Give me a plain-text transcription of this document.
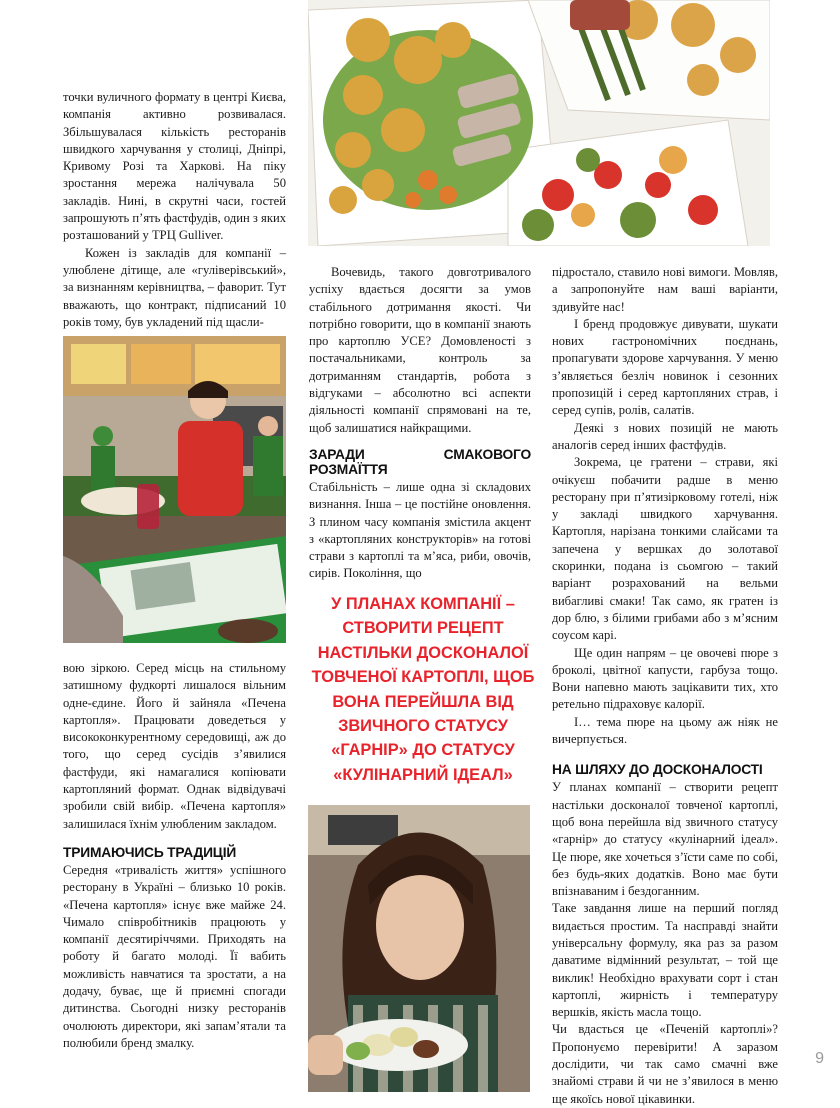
точки вуличного формату в центрі Києва, компанія активно розвивалася. Збільшувалася кількість ресторанів швидкого харчування у столиці, Дніпрі, Кривому Розі та Харкові. На піку зростання мережа налічувала 50 закладів. Нині, в скрутні часи, гостей запрошують п’ять фастфудів, один з яких розташований у ТРЦ Gulliver.

Кожен із закладів для компанії – улюблене дітище, але «гуліверівський», за визнанням керівництва, – фаворит. Тут вважають, що контракт, підписаний 10 років тому, був укладений під щасли-

вою зіркою. Серед місць на стильному затишному фудкорті лишалося вільним одне-єдине. Його й зайняла «Печена картопля». Працювати доведеться у висококонкурентному середовищі, аж до того, що серед сусідів з’явилися фастфуди, які намагалися копіювати картопляний формат. Однак відвідувачі зробили свій вибір. «Печена картопля» залишилася їхнім улюбленим закладом.

ТРИМАЮЧИСЬ ТРАДИЦІЙ

Середня «тривалість життя» успішного ресторану в Україні – близько 10 років. «Печена картопля» існує вже майже 24. Чимало співробітників працюють у компанії десятиріччями. Приходять на роботу й багато молоді. Її вабить можливість навчатися та зростати, а на додачу, буває, ще й приємні спогади дитинства. Сьогодні низку ресторанів очолюють директори, які запам’ятали та полюбили бренд змалку.

Вочевидь, такого довготривалого успіху вдається досягти за умов стабільного дотримання якості. Чи потрібно говорити, що в компанії знають про картоплю УСЕ? Домовленості з постачальниками, контроль за дотриманням стандартів, робота з відгуками – абсолютно всі аспекти діяльності компанії спрямовані на те, щоб залишатися найкращими.

ЗАРАДИ СМАКОВОГО РОЗМАЇТТЯ

Стабільність – лише одна зі складових визнання. Інша – це постійне оновлення. З плином часу компанія змістила акцент з «картопляних конструкторів» на готові страви з картоплі та м’яса, риби, овочів, сирів. Покоління, що

У ПЛАНАХ КОМПАНІЇ – СТВОРИТИ РЕЦЕПТ НАСТІЛЬКИ ДОСКОНАЛОЇ ТОВЧЕНОЇ КАРТОПЛІ, ЩОБ ВОНА ПЕРЕЙШЛА ВІД ЗВИЧНОГО СТАТУСУ «ГАРНІР» ДО СТАТУСУ «КУЛІНАРНИЙ ІДЕАЛ»

підростало, ставило нові вимоги. Мовляв, а запропонуйте нам ваші варіанти, здивуйте нас!

І бренд продовжує дивувати, шукати нових гастрономічних поєднань, пропагувати здорове харчування. У меню з’являється безліч новинок і сезонних пропозицій і серед картопляних страв, і серед супів, ролів, салатів.

Деякі з нових позицій не мають аналогів серед інших фастфудів.

Зокрема, це гратени – страви, які очікуєш побачити радше в меню ресторану при п’ятизірковому готелі, ніж у закладі швидкого харчування. Картопля, нарізана тонкими слайсами та запечена у вершках до золотавої скоринки, подана із сьомгою – такий варіант розрахований на вельми вибагливі смаки! Так само, як гратен із дор блю, з білими грибами або з м’ясним соусом карі.

Ще один напрям – це овочеві пюре з броколі, цвітної капусти, гарбуза тощо. Вони напевно мають зацікавити тих, хто ретельно підраховує калорії.

І… тема пюре на цьому аж ніяк не вичерпується.

НА ШЛЯХУ ДО ДОСКОНАЛОСТІ

У планах компанії – створити рецепт настільки досконалої товченої картоплі, щоб вона перейшла від звичного статусу «гарнір» до статусу «кулінарний ідеал». Це пюре, яке хочеться з’їсти саме по собі, без будь-яких додатків. Воно має бути впізнаваним і бездоганним.

Таке завдання лише на перший погляд видається простим. Та насправді знайти універсальну формулу, яка раз за разом даватиме відмінний результат, – той ще виклик! Необхідно врахувати сорт і стан картоплі, жирність і температуру вершків, якість масла тощо.

Чи вдасться це «Печеній картоплі»? Пропонуємо перевірити! А заразом дослідити, чи так само смачні вже знайомі страви й чи не з’явилося в меню ще якоїсь нової цікавинки.

9
